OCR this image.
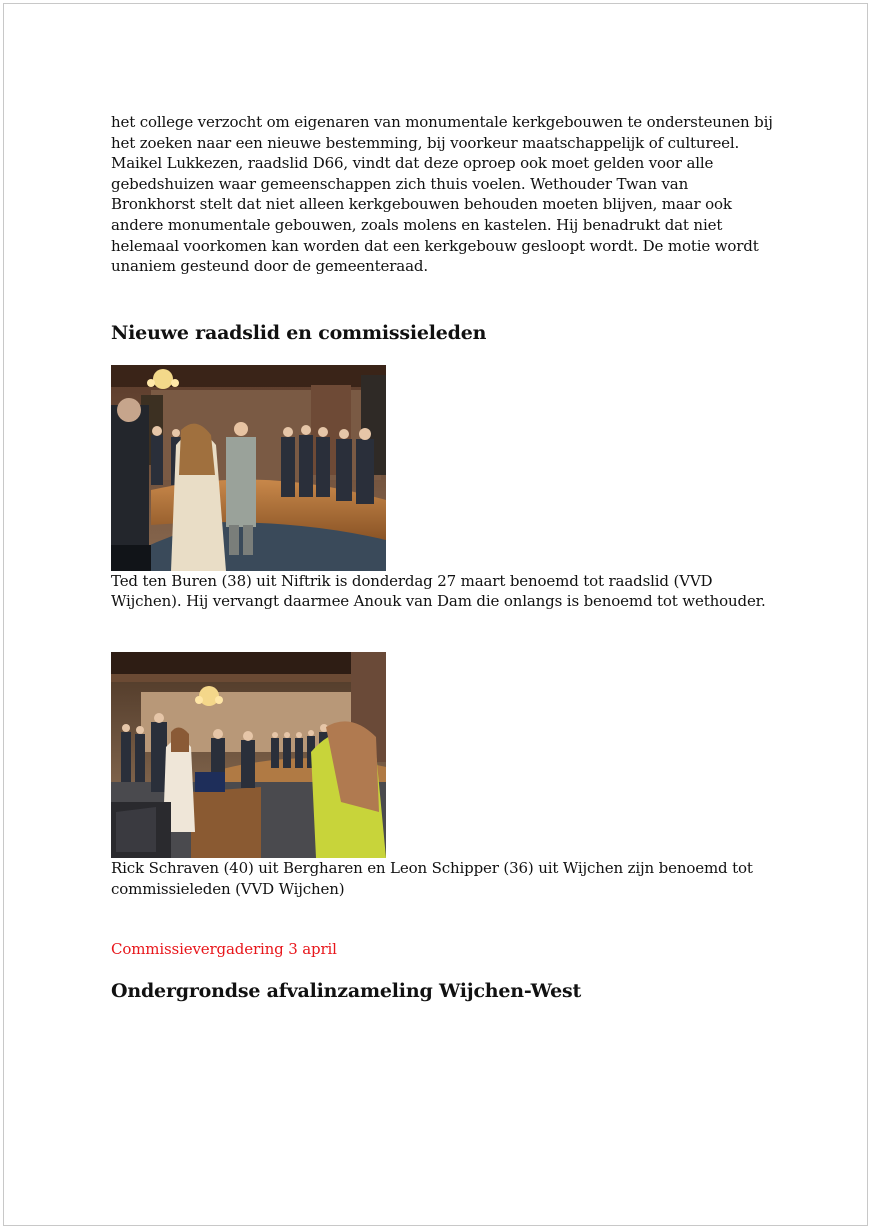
het college verzocht om eigenaren van monumentale kerkgebouwen te ondersteunen bij het zoeken naar een nieuwe bestemming, bij voorkeur maatschappelijk of cultureel. Maikel Lukkezen, raadslid D66, vindt dat deze oproep ook moet gelden voor alle gebedshuizen waar gemeenschappen zich thuis voelen. Wethouder Twan van Bronkhorst stelt dat niet alleen kerkgebouwen behouden moeten blijven, maar ook andere monumentale gebouwen, zoals molens en kastelen. Hij benadrukt dat niet helemaal voorkomen kan worden dat een kerkgebouw gesloopt wordt. De motie wordt unaniem gesteund door de gemeenteraad.

Nieuwe raadslid en commissieleden

Ted ten Buren (38) uit Niftrik is donderdag 27 maart benoemd tot raadslid (VVD Wijchen). Hij vervangt daarmee Anouk van Dam die onlangs is benoemd tot wethouder.

Rick Schraven (40) uit Bergharen en Leon Schipper (36) uit Wijchen zijn benoemd tot commissieleden (VVD Wijchen)

Commissievergadering 3 april

Ondergrondse afvalinzameling Wijchen-West
